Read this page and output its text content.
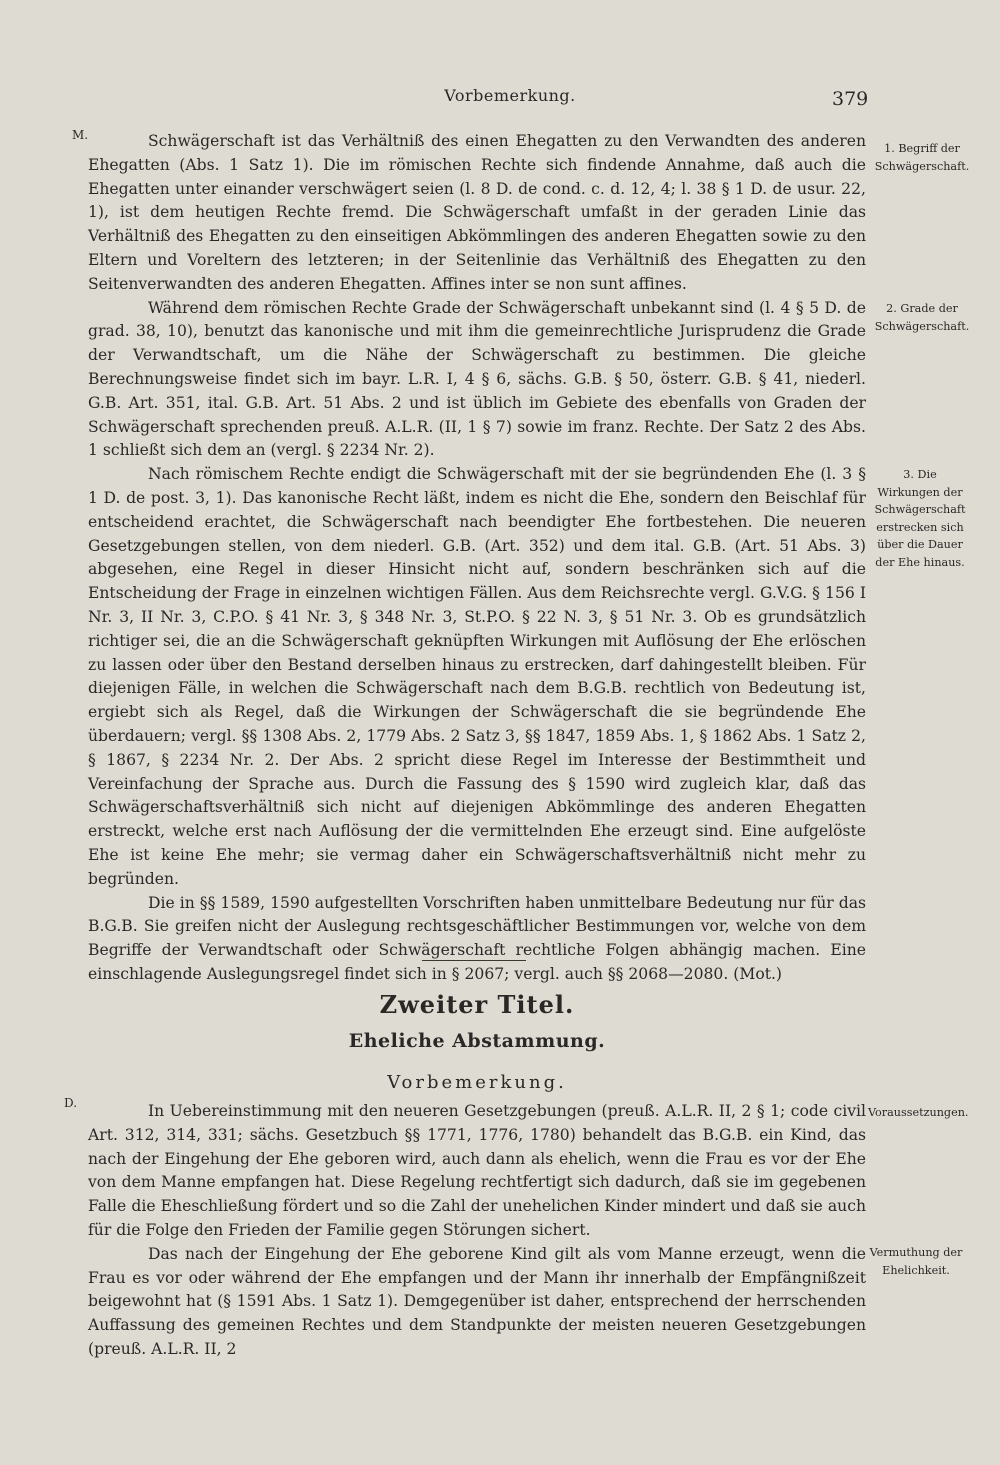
Vorbemerkung.	379
M.	Schwägerschaft ist das Verhältniß des einen Ehegatten zu den Verwandten des anderen Ehegatten (Abs. 1 Satz 1). Die im römischen Rechte sich findende Annahme, daß auch die Ehegatten unter einander verschwägert seien (l. 8 D. de cond. c. d. 12, 4; l. 38 § 1 D. de usur. 22, 1), ist dem heutigen Rechte fremd. Die Schwägerschaft umfaßt in der geraden Linie das Verhältniß des Ehegatten zu den einseitigen Abkömmlingen des anderen Ehegatten sowie zu den Eltern und Voreltern des letzteren; in der Seitenlinie das Verhältniß des Ehegatten zu den Seitenverwandten des anderen Ehegatten. Affines inter se non sunt affines.

Während dem römischen Rechte Grade der Schwägerschaft unbekannt sind (l. 4 § 5 D. de grad. 38, 10), benutzt das kanonische und mit ihm die gemeinrechtliche Jurisprudenz die Grade der Verwandtschaft, um die Nähe der Schwägerschaft zu bestimmen. Die gleiche Berechnungsweise findet sich im bayr. L.R. I, 4 § 6, sächs. G.B. § 50, österr. G.B. § 41, niederl. G.B. Art. 351, ital. G.B. Art. 51 Abs. 2 und ist üblich im Gebiete des ebenfalls von Graden der Schwägerschaft sprechenden preuß. A.L.R. (II, 1 § 7) sowie im franz. Rechte. Der Satz 2 des Abs. 1 schließt sich dem an (vergl. § 2234 Nr. 2).

Nach römischem Rechte endigt die Schwägerschaft mit der sie begründenden Ehe (l. 3 § 1 D. de post. 3, 1). Das kanonische Recht läßt, indem es nicht die Ehe, sondern den Beischlaf für entscheidend erachtet, die Schwägerschaft nach beendigter Ehe fortbestehen. Die neueren Gesetzgebungen stellen, von dem niederl. G.B. (Art. 352) und dem ital. G.B. (Art. 51 Abs. 3) abgesehen, eine Regel in dieser Hinsicht nicht auf, sondern beschränken sich auf die Entscheidung der Frage in einzelnen wichtigen Fällen. Aus dem Reichsrechte vergl. G.V.G. § 156 I Nr. 3, II Nr. 3, C.P.O. § 41 Nr. 3, § 348 Nr. 3, St.P.O. § 22 N. 3, § 51 Nr. 3. Ob es grundsätzlich richtiger sei, die an die Schwägerschaft geknüpften Wirkungen mit Auflösung der Ehe erlöschen zu lassen oder über den Bestand derselben hinaus zu erstrecken, darf dahingestellt bleiben. Für diejenigen Fälle, in welchen die Schwägerschaft nach dem B.G.B. rechtlich von Bedeutung ist, ergiebt sich als Regel, daß die Wirkungen der Schwägerschaft die sie begründende Ehe überdauern; vergl. §§ 1308 Abs. 2, 1779 Abs. 2 Satz 3, §§ 1847, 1859 Abs. 1, § 1862 Abs. 1 Satz 2, § 1867, § 2234 Nr. 2. Der Abs. 2 spricht diese Regel im Interesse der Bestimmtheit und Vereinfachung der Sprache aus. Durch die Fassung des § 1590 wird zugleich klar, daß das Schwägerschaftsverhältniß sich nicht auf diejenigen Abkömmlinge des anderen Ehegatten erstreckt, welche erst nach Auflösung der die vermittelnden Ehe erzeugt sind. Eine aufgelöste Ehe ist keine Ehe mehr; sie vermag daher ein Schwägerschaftsverhältniß nicht mehr zu begründen.

Die in §§ 1589, 1590 aufgestellten Vorschriften haben unmittelbare Bedeutung nur für das B.G.B. Sie greifen nicht der Auslegung rechtsgeschäftlicher Bestimmungen vor, welche von dem Begriffe der Verwandtschaft oder Schwägerschaft rechtliche Folgen abhängig machen. Eine einschlagende Auslegungsregel findet sich in § 2067; vergl. auch §§ 2068—2080. (Mot.)

1. Begriff der Schwägerschaft.
2. Grade der Schwägerschaft.
3. Die Wirkungen der Schwägerschaft erstrecken sich über die Dauer der Ehe hinaus.
Zweiter Titel.
Eheliche Abstammung.
Vorbemerkung.
D.	In Uebereinstimmung mit den neueren Gesetzgebungen (preuß. A.L.R. II, 2 § 1; code civil Art. 312, 314, 331; sächs. Gesetzbuch §§ 1771, 1776, 1780) behandelt das B.G.B. ein Kind, das nach der Eingehung der Ehe geboren wird, auch dann als ehelich, wenn die Frau es vor der Ehe von dem Manne empfangen hat. Diese Regelung rechtfertigt sich dadurch, daß sie im gegebenen Falle die Eheschließung fördert und so die Zahl der unehelichen Kinder mindert und daß sie auch für die Folge den Frieden der Familie gegen Störungen sichert.

Das nach der Eingehung der Ehe geborene Kind gilt als vom Manne erzeugt, wenn die Frau es vor oder während der Ehe empfangen und der Mann ihr innerhalb der Empfängnißzeit beigewohnt hat (§ 1591 Abs. 1 Satz 1). Demgegenüber ist daher, entsprechend der herrschenden Auffassung des gemeinen Rechtes und dem Standpunkte der meisten neueren Gesetzgebungen (preuß. A.L.R. II, 2

Voraussetzungen.
Vermuthung der Ehelichkeit.
